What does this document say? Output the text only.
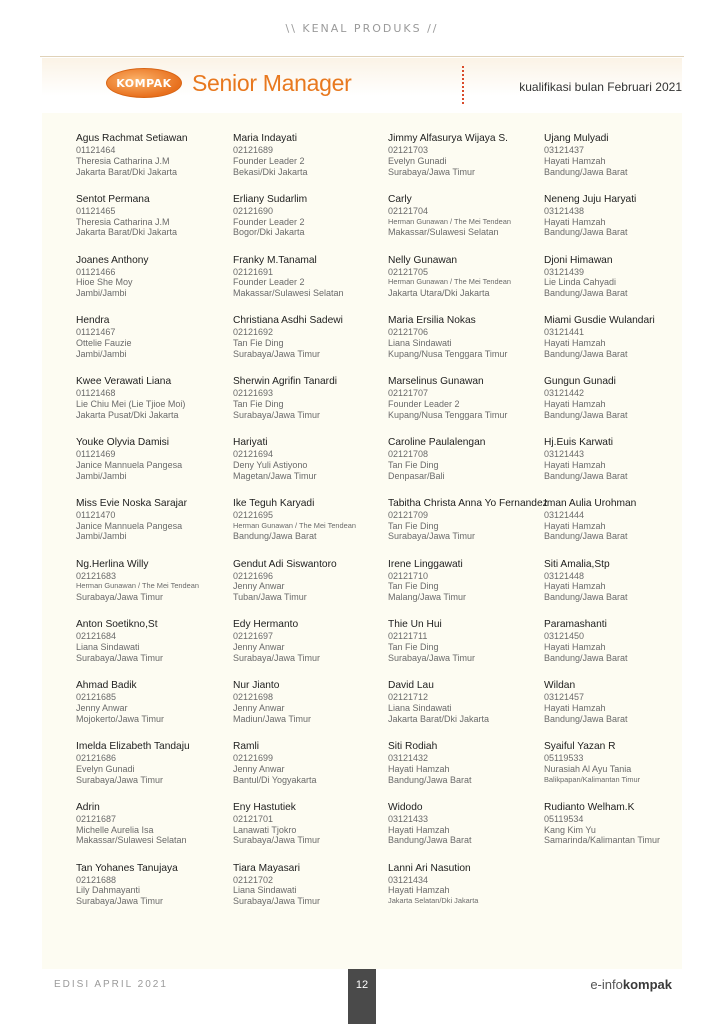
\\ KENAL PRODUKS //
KOMPAK Senior Manager	kualifikasi bulan Februari 2021
Agus Rachmat Setiawan
01121464
Theresia Catharina J.M
Jakarta Barat/Dki Jakarta
Sentot Permana
01121465
Theresia Catharina J.M
Jakarta Barat/Dki Jakarta
Joanes Anthony
01121466
Hioe She Moy
Jambi/Jambi
Hendra
01121467
Ottelie Fauzie
Jambi/Jambi
Kwee Verawati Liana
01121468
Lie Chiu Mei (Lie Tjioe Moi)
Jakarta Pusat/Dki Jakarta
Youke Olyvia Damisi
01121469
Janice Mannuela Pangesa
Jambi/Jambi
Miss Evie Noska Sarajar
01121470
Janice Mannuela Pangesa
Jambi/Jambi
Ng.Herlina Willy
02121683
Herman Gunawan / The Mei Tendean
Surabaya/Jawa Timur
Anton Soetikno,St
02121684
Liana Sindawati
Surabaya/Jawa Timur
Ahmad Badik
02121685
Jenny Anwar
Mojokerto/Jawa Timur
Imelda Elizabeth Tandaju
02121686
Evelyn Gunadi
Surabaya/Jawa Timur
Adrin
02121687
Michelle Aurelia Isa
Makassar/Sulawesi Selatan
Tan Yohanes Tanujaya
02121688
Lily Dahmayanti
Surabaya/Jawa Timur
Maria Indayati
02121689
Founder Leader 2
Bekasi/Dki Jakarta
Erliany Sudarlim
02121690
Founder Leader 2
Bogor/Dki Jakarta
Franky M.Tanamal
02121691
Founder Leader 2
Makassar/Sulawesi Selatan
Christiana Asdhi Sadewi
02121692
Tan Fie Ding
Surabaya/Jawa Timur
Sherwin Agrifin Tanardi
02121693
Tan Fie Ding
Surabaya/Jawa Timur
Hariyati
02121694
Deny Yuli Astiyono
Magetan/Jawa Timur
Ike Teguh Karyadi
02121695
Herman Gunawan / The Mei Tendean
Bandung/Jawa Barat
Gendut Adi Siswantoro
02121696
Jenny Anwar
Tuban/Jawa Timur
Edy Hermanto
02121697
Jenny Anwar
Surabaya/Jawa Timur
Nur Jianto
02121698
Jenny Anwar
Madiun/Jawa Timur
Ramli
02121699
Jenny Anwar
Bantul/Di Yogyakarta
Eny Hastutiek
02121701
Lanawati Tjokro
Surabaya/Jawa Timur
Tiara Mayasari
02121702
Liana Sindawati
Surabaya/Jawa Timur
Jimmy Alfasurya Wijaya S.
02121703
Evelyn Gunadi
Surabaya/Jawa Timur
Carly
02121704
Herman Gunawan / The Mei Tendean
Makassar/Sulawesi Selatan
Nelly Gunawan
02121705
Herman Gunawan / The Mei Tendean
Jakarta Utara/Dki Jakarta
Maria Ersilia Nokas
02121706
Liana Sindawati
Kupang/Nusa Tenggara Timur
Marselinus Gunawan
02121707
Founder Leader 2
Kupang/Nusa Tenggara Timur
Caroline Paulalengan
02121708
Tan Fie Ding
Denpasar/Bali
Tabitha Christa Anna Yo Fernandez
02121709
Tan Fie Ding
Surabaya/Jawa Timur
Irene Linggawati
02121710
Tan Fie Ding
Malang/Jawa Timur
Thie Un Hui
02121711
Tan Fie Ding
Surabaya/Jawa Timur
David Lau
02121712
Liana Sindawati
Jakarta Barat/Dki Jakarta
Siti Rodiah
03121432
Hayati Hamzah
Bandung/Jawa Barat
Widodo
03121433
Hayati Hamzah
Bandung/Jawa Barat
Lanni Ari Nasution
03121434
Hayati Hamzah
Jakarta Selatan/Dki Jakarta
Ujang Mulyadi
03121437
Hayati Hamzah
Bandung/Jawa Barat
Neneng Juju Haryati
03121438
Hayati Hamzah
Bandung/Jawa Barat
Djoni Himawan
03121439
Lie Linda Cahyadi
Bandung/Jawa Barat
Miami Gusdie Wulandari
03121441
Hayati Hamzah
Bandung/Jawa Barat
Gungun Gunadi
03121442
Hayati Hamzah
Bandung/Jawa Barat
Hj.Euis Karwati
03121443
Hayati Hamzah
Bandung/Jawa Barat
Iman Aulia Urohman
03121444
Hayati Hamzah
Bandung/Jawa Barat
Siti Amalia,Stp
03121448
Hayati Hamzah
Bandung/Jawa Barat
Paramashanti
03121450
Hayati Hamzah
Bandung/Jawa Barat
Wildan
03121457
Hayati Hamzah
Bandung/Jawa Barat
Syaiful Yazan R
05119533
Nurasiah Al Ayu Tania
Balikpapan/Kalimantan Timur
Rudianto Welham.K
05119534
Kang Kim Yu
Samarinda/Kalimantan Timur
EDISI APRIL 2021	12	e-infokompak
